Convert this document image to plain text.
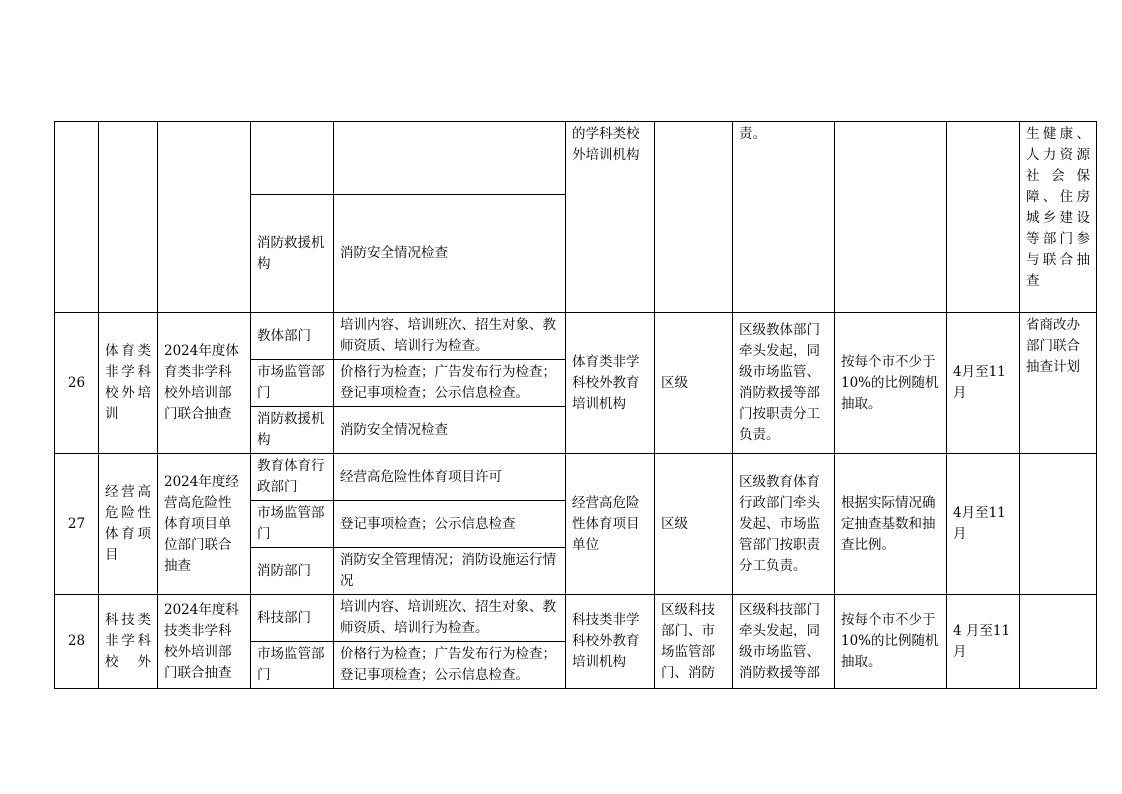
					的学科类校外培训机构		责。			生健康、人力资源社会保障、住房城乡建设等部门参与联合抽查
			消防救援机构	消防安全情况检查						
26	体育类非学科校外培训	2024年度体育类非学科校外培训部门联合抽查	教体部门	培训内容、培训班次、招生对象、教师资质、培训行为检查。	体育类非学科校外教育培训机构	区级	区级教体部门牵头发起，同级市场监管、消防救援等部门按职责分工负责。	按每个市不少于10%的比例随机抽取。	4月至11月	省商改办部门联合抽查计划
			市场监管部门	价格行为检查；广告发布行为检查；登记事项检查；公示信息检查。						
			消防救援机构	消防安全情况检查						
27	经营高危险性体育项目	2024年度经营高危险性体育项目单位部门联合抽查	教育体育行政部门	经营高危险性体育项目许可	经营高危险性体育项目单位	区级	区级教育体育行政部门牵头发起、市场监管部门按职责分工负责。	根据实际情况确定抽查基数和抽查比例。	4月至11月	
			市场监管部门	登记事项检查；公示信息检查						
			消防部门	消防安全管理情况；消防设施运行情况						
28	科技类非学科校外	2024年度科技类非学科校外培训部门联合抽查	科技部门	培训内容、培训班次、招生对象、教师资质、培训行为检查。	科技类非学科校外教育培训机构	区级科技部门、市场监管部门、消防	区级科技部门牵头发起，同级市场监管、消防救援等部	按每个市不少于10%的比例随机抽取。	4 月至11月	
			市场监管部门	价格行为检查；广告发布行为检查；登记事项检查；公示信息检查。						
